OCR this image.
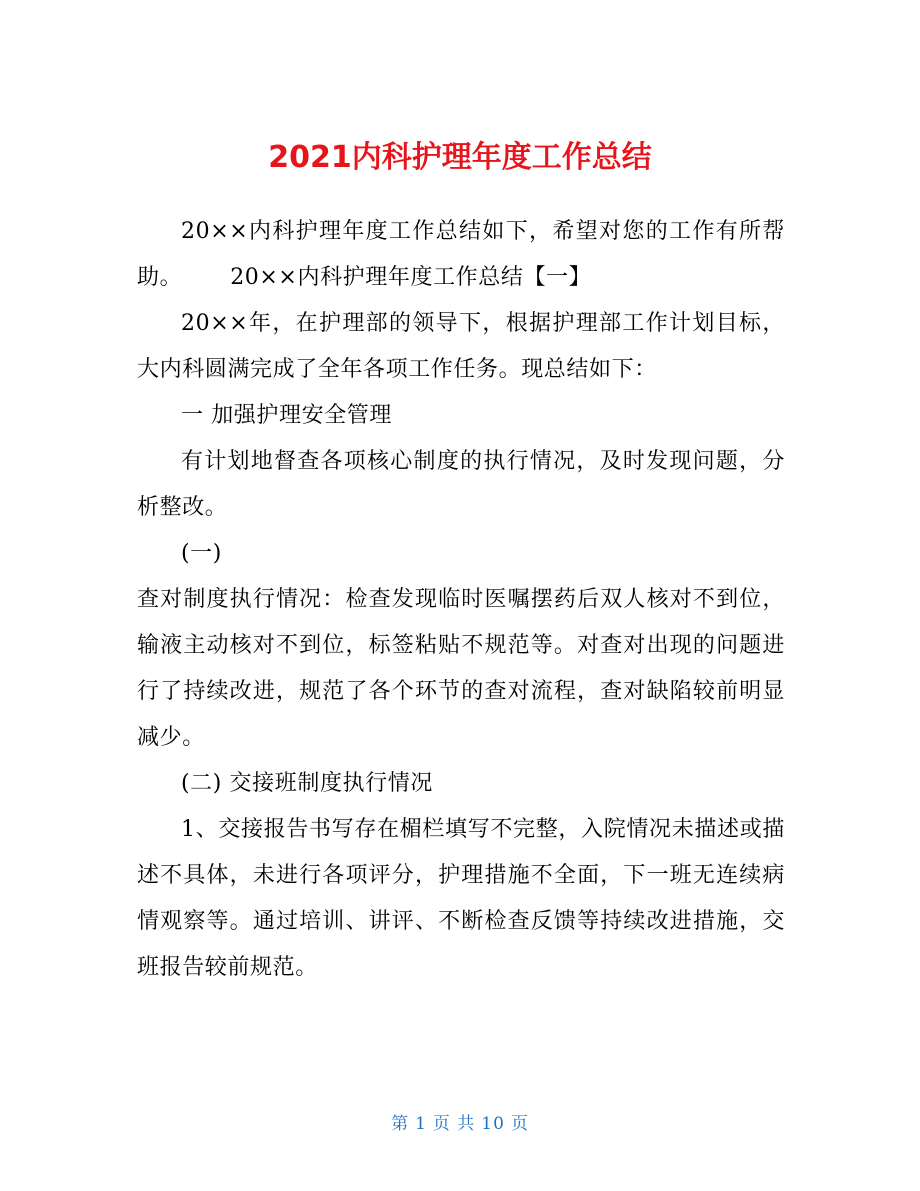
2021内科护理年度工作总结

20××内科护理年度工作总结如下，希望对您的工作有所帮助。 20××内科护理年度工作总结【一】

20××年，在护理部的领导下，根据护理部工作计划目标，大内科圆满完成了全年各项工作任务。现总结如下：

一 加强护理安全管理

有计划地督查各项核心制度的执行情况，及时发现问题，分析整改。

(一)

查对制度执行情况：检查发现临时医嘱摆药后双人核对不到位，输液主动核对不到位，标签粘贴不规范等。对查对出现的问题进行了持续改进，规范了各个环节的查对流程，查对缺陷较前明显减少。

(二) 交接班制度执行情况

1、交接报告书写存在楣栏填写不完整，入院情况未描述或描述不具体，未进行各项评分，护理措施不全面，下一班无连续病情观察等。通过培训、讲评、不断检查反馈等持续改进措施，交班报告较前规范。

第 1 页 共 10 页
